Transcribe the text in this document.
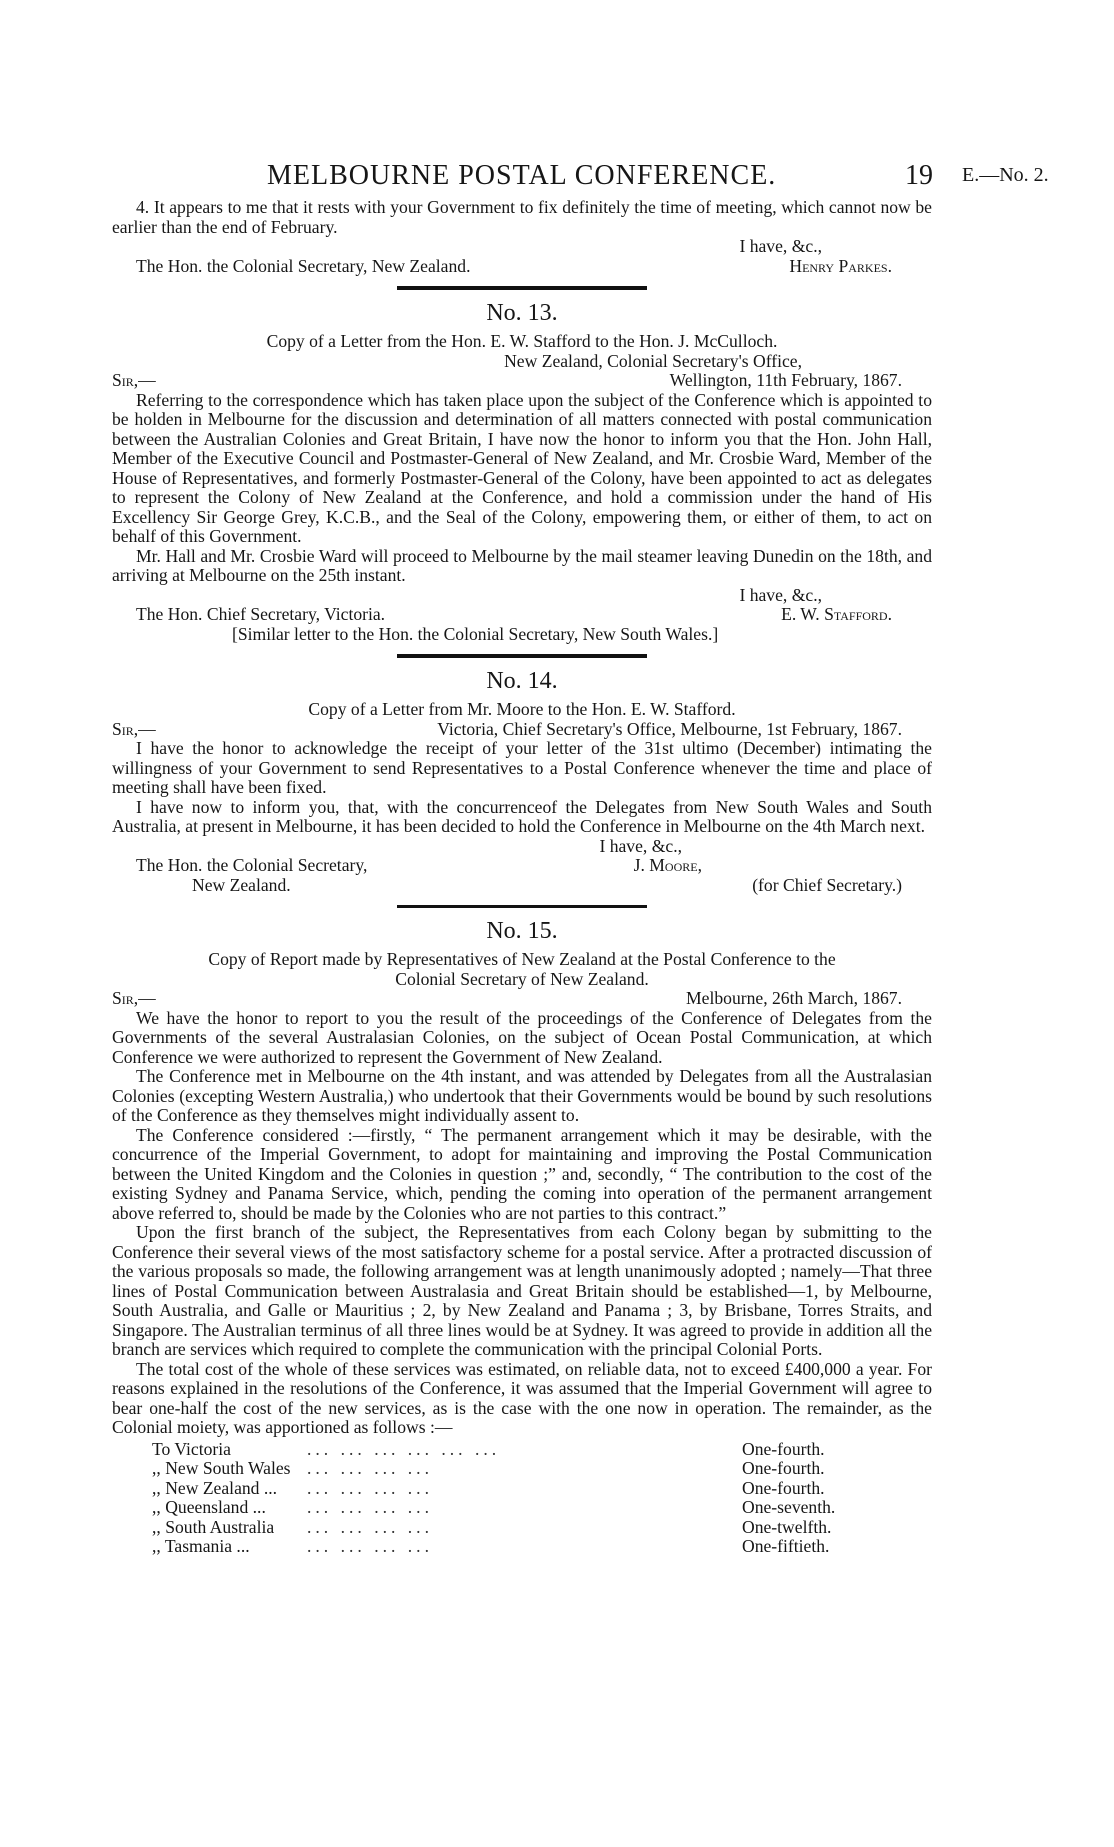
MELBOURNE POSTAL CONFERENCE.	19 E.—No. 2.

4. It appears to me that it rests with your Government to fix definitely the time of meeting, which cannot now be earlier than the end of February.

I have, &c.,
The Hon. the Colonial Secretary, New Zealand.	Henry Parkes.
No. 13.
Copy of a Letter from the Hon. E. W. Stafford to the Hon. J. McCulloch.
New Zealand, Colonial Secretary's Office,
Sir,—	Wellington, 11th February, 1867.

Referring to the correspondence which has taken place upon the subject of the Conference which is appointed to be holden in Melbourne for the discussion and determination of all matters connected with postal communication between the Australian Colonies and Great Britain, I have now the honor to inform you that the Hon. John Hall, Member of the Executive Council and Postmaster-General of New Zealand, and Mr. Crosbie Ward, Member of the House of Representatives, and formerly Postmaster-General of the Colony, have been appointed to act as delegates to represent the Colony of New Zealand at the Conference, and hold a commission under the hand of His Excellency Sir George Grey, K.C.B., and the Seal of the Colony, empowering them, or either of them, to act on behalf of this Government.

Mr. Hall and Mr. Crosbie Ward will proceed to Melbourne by the mail steamer leaving Dunedin on the 18th, and arriving at Melbourne on the 25th instant.

I have, &c.,
The Hon. Chief Secretary, Victoria.	E. W. Stafford.
[Similar letter to the Hon. the Colonial Secretary, New South Wales.]
No. 14.
Copy of a Letter from Mr. Moore to the Hon. E. W. Stafford.
Sir,—	Victoria, Chief Secretary's Office, Melbourne, 1st February, 1867.

I have the honor to acknowledge the receipt of your letter of the 31st ultimo (December) intimating the willingness of your Government to send Representatives to a Postal Conference whenever the time and place of meeting shall have been fixed.

I have now to inform you, that, with the concurrenceof the Delegates from New South Wales and South Australia, at present in Melbourne, it has been decided to hold the Conference in Melbourne on the 4th March next.

I have, &c.,
The Hon. the Colonial Secretary,	J. Moore,
New Zealand.	(for Chief Secretary.)
No. 15.
Copy of Report made by Representatives of New Zealand at the Postal Conference to the
Colonial Secretary of New Zealand.
Sir,—	Melbourne, 26th March, 1867.

We have the honor to report to you the result of the proceedings of the Conference of Delegates from the Governments of the several Australasian Colonies, on the subject of Ocean Postal Communication, at which Conference we were authorized to represent the Government of New Zealand.

The Conference met in Melbourne on the 4th instant, and was attended by Delegates from all the Australasian Colonies (excepting Western Australia,) who undertook that their Governments would be bound by such resolutions of the Conference as they themselves might individually assent to.

The Conference considered :—firstly, “ The permanent arrangement which it may be desirable, with the concurrence of the Imperial Government, to adopt for maintaining and improving the Postal Communication between the United Kingdom and the Colonies in question ;” and, secondly, “ The contribution to the cost of the existing Sydney and Panama Service, which, pending the coming into operation of the permanent arrangement above referred to, should be made by the Colonies who are not parties to this contract.”

Upon the first branch of the subject, the Representatives from each Colony began by submitting to the Conference their several views of the most satisfactory scheme for a postal service. After a protracted discussion of the various proposals so made, the following arrangement was at length unanimously adopted ; namely—That three lines of Postal Communication between Australasia and Great Britain should be established—1, by Melbourne, South Australia, and Galle or Mauritius ; 2, by New Zealand and Panama ; 3, by Brisbane, Torres Straits, and Singapore. The Australian terminus of all three lines would be at Sydney. It was agreed to provide in addition all the branch are services which required to complete the communication with the principal Colonial Ports.

The total cost of the whole of these services was estimated, on reliable data, not to exceed £400,000 a year. For reasons explained in the resolutions of the Conference, it was assumed that the Imperial Government will agree to bear one-half the cost of the new services, as is the case with the one now in operation. The remainder, as the Colonial moiety, was apportioned as follows :—

To Victoria	... ... ... ... ... ...	One-fourth.
,, New South Wales ... ... ... ...	One-fourth.
,, New Zealand ...	... ... ... ...	One-fourth.
,, Queensland ...	... ... ... ...	One-seventh.
,, South Australia	... ... ... ...	One-twelfth.
,, Tasmania ...	... ... ... ...	One-fiftieth.
